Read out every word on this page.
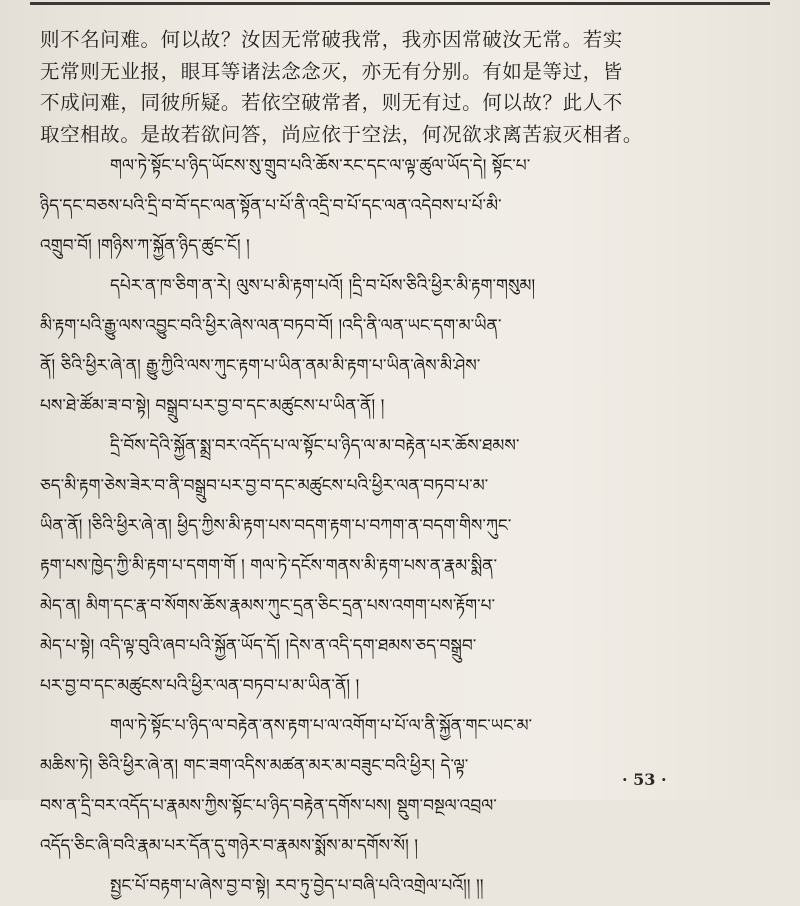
则不名问难。何以故？汝因无常破我常，我亦因常破汝无常。若实
无常则无业报，眼耳等诸法念念灭，亦无有分别。有如是等过，皆
不成问难，同彼所疑。若依空破常者，则无有过。何以故？此人不
取空相故。是故若欲问答，尚应依于空法，何况欲求离苦寂灭相者。
གལ་ཏེ་སྟོང་པ་ཉིད་ཡོངས་སུ་གྲུབ་པའི་ཆོས་རང་དང་ལ་ལྟ་ཚུལ་ཡོད་དེ། སྟོང་པ་
ཉིད་དང་བཅས་པའི་དྲི་བ་བོ་དང་ལན་སྟོན་པ་པོ་ནི་འདྲི་བ་པོ་དང་ལན་འདེབས་པ་པོ་མི་
འགྲུབ་བོ། །གཉིས་ཀ་སྐྱོན་ཉིད་ཚུང་ངོ། །
དཔེར་ན་ཁ་ཅིག་ན་རེ། ལུས་པ་མི་རྟག་པའོ། །དྲི་བ་པོས་ཅིའི་ཕྱིར་མི་རྟག་གསུམ།
མི་རྟག་པའི་རྒྱུ་ལས་འབྱུང་བའི་ཕྱིར་ཞེས་ལན་བཏབ་བོ། །འདི་ནི་ལན་ཡང་དག་མ་ཡིན་
ནོ། ཅིའི་ཕྱིར་ཞེ་ན། རྒྱུ་ཀྱིའི་ལས་ཀུང་རྟག་པ་ཡིན་ནམ་མི་རྟག་པ་ཡིན་ཞེས་མི་ཤེས་
པས་ཐེ་ཚོམ་ཟ་བ་སྟེ། བསྒྲུབ་པར་བྱ་བ་དང་མཚུངས་པ་ཡིན་ནོ། །
དྲི་བོས་དེའི་སྐྱོན་སྨྲ་བར་འདོད་པ་ལ་སྟོང་པ་ཉིད་ལ་མ་བརྟེན་པར་ཆོས་ཐམས་
ཅད་མི་རྟག་ཅེས་ཟེར་བ་ནི་བསྒྲུབ་པར་བྱ་བ་དང་མཚུངས་པའི་ཕྱིར་ལན་བཏབ་པ་མ་
ཡིན་ནོ། །ཅིའི་ཕྱིར་ཞེ་ན། ཕྱིད་ཀྱིས་མི་རྟག་པས་བདག་རྟག་པ་བཀག་ན་བདག་གིས་ཀུང་
རྟག་པས་ཁྱེད་ཀྱི་མི་རྟག་པ་དགག་གོ ། གལ་ཏེ་དངོས་གནས་མི་རྟག་པས་ན་རྣམ་སྨིན་
མེད་ན། མིག་དང་རྣ་བ་སོགས་ཆོས་རྣམས་ཀུང་དྲན་ཅིང་དྲན་པས་འགག་པས་རྟོག་པ་
མེད་པ་སྟེ། འདི་ལྟ་བུའི་ཞབ་པའི་སྐྱོན་ཡོད་དོ། །དེས་ན་འདི་དག་ཐམས་ཅད་བསྒྲུབ་
པར་བྱ་བ་དང་མཚུངས་པའི་ཕྱིར་ལན་བཏབ་པ་མ་ཡིན་ནོ། །
གལ་ཏེ་སྟོང་པ་ཉིད་ལ་བརྟེན་ནས་རྟག་པ་ལ་འགོག་པ་པོ་ལ་ནི་སྐྱོན་གང་ཡང་མ་
མཆིས་ཏེ། ཅིའི་ཕྱིར་ཞེ་ན། གང་ཟག་འདིས་མཚན་མར་མ་བཟུང་བའི་ཕྱིར། དེ་ལྟ་
བས་ན་དྲི་བར་འདོད་པ་རྣམས་ཀྱིས་སྟོང་པ་ཉིད་བརྟེན་དགོས་པས། སྡུག་བསྔལ་འབྲལ་
འདོད་ཅིང་ཞི་བའི་རྣམ་པར་དོན་དུ་གཉེར་བ་རྣམས་སྨོས་མ་དགོས་སོ། །
སྤྱང་པོ་བརྟག་པ་ཞེས་བྱ་བ་སྟེ། རབ་ཏུ་བྱེད་པ་བཞི་པའི་འགྲེལ་པའོ།། །།
· 53 ·
